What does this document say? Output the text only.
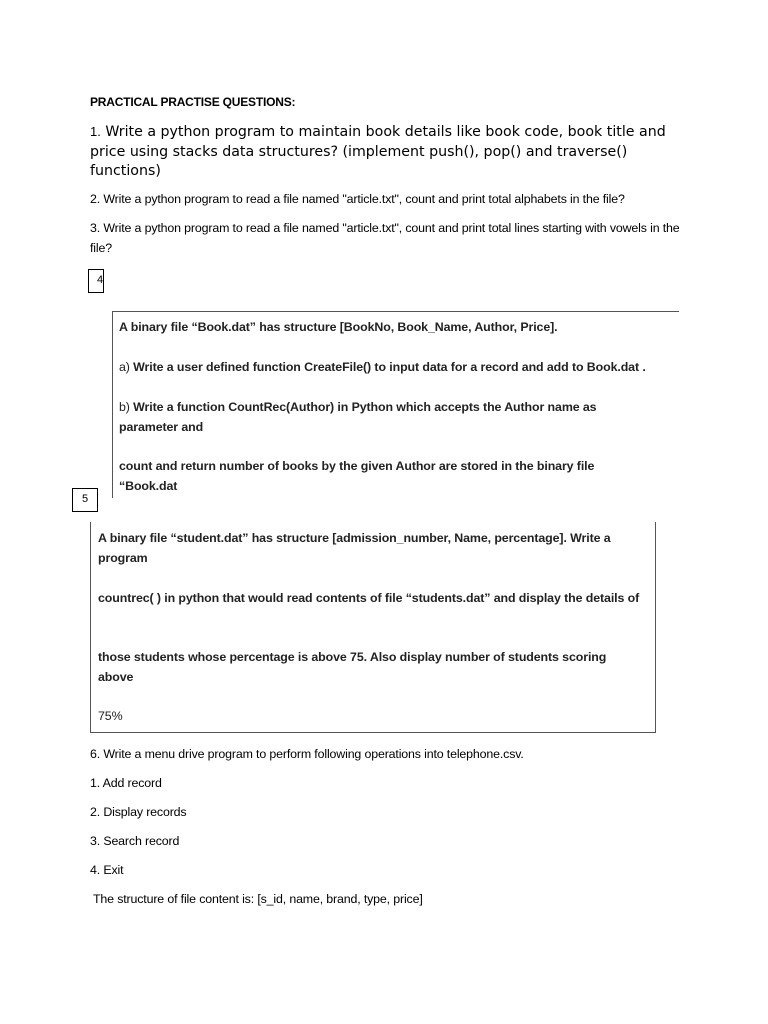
PRACTICAL PRACTISE QUESTIONS:
1. Write a python program to maintain book details like book code, book title and price using stacks data structures? (implement push(), pop() and traverse() functions)
2. Write a python program to read a file named "article.txt", count and print total alphabets in the file?
3. Write a python program to read a file named "article.txt", count and print total lines starting with vowels in the file?
4
A binary file “Book.dat” has structure [BookNo, Book_Name, Author, Price].
a) Write a user defined function CreateFile() to input data for a record and add to Book.dat .
b) Write a function CountRec(Author) in Python which accepts the Author name as parameter and
count and return number of books by the given Author are stored in the binary file “Book.dat
5
A binary file “student.dat” has structure [admission_number, Name, percentage]. Write a program
countrec( ) in python that would read contents of file “students.dat” and display the details of
those students whose percentage is above 75. Also display number of students scoring above
75%
6. Write a menu drive program to perform following operations into telephone.csv.
1. Add record
2. Display records
3. Search record
4. Exit
The structure of file content is: [s_id, name, brand, type, price]
